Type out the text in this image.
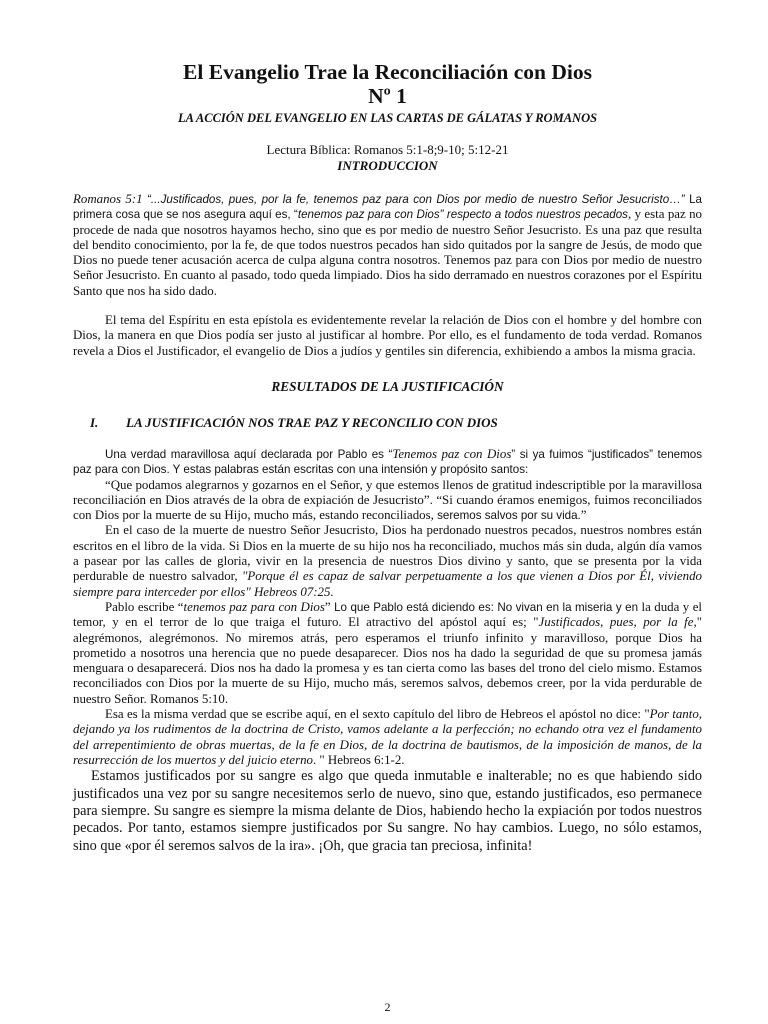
El Evangelio Trae la Reconciliación con Dios
Nº 1
LA ACCIÓN DEL EVANGELIO EN LAS CARTAS DE GÁLATAS Y ROMANOS
Lectura Bíblica: Romanos 5:1-8;9-10; 5:12-21
INTRODUCCION

Romanos 5:1 “...Justificados, pues, por la fe, tenemos paz para con Dios por medio de nuestro Señor Jesucristo…” La primera cosa que se nos asegura aquí es, “tenemos paz para con Dios” respecto a todos nuestros pecados, y esta paz no procede de nada que nosotros hayamos hecho, sino que es por medio de nuestro Señor Jesucristo. Es una paz que resulta del bendito conocimiento, por la fe, de que todos nuestros pecados han sido quitados por la sangre de Jesús, de modo que Dios no puede tener acusación acerca de culpa alguna contra nosotros. Tenemos paz para con Dios por medio de nuestro Señor Jesucristo. En cuanto al pasado, todo queda limpiado. Dios ha sido derramado en nuestros corazones por el Espíritu Santo que nos ha sido dado.

El tema del Espíritu en esta epístola es evidentemente revelar la relación de Dios con el hombre y del hombre con Dios, la manera en que Dios podía ser justo al justificar al hombre. Por ello, es el fundamento de toda verdad. Romanos revela a Dios el Justificador, el evangelio de Dios a judíos y gentiles sin diferencia, exhibiendo a ambos la misma gracia.

RESULTADOS DE LA JUSTIFICACIÓN
I.	LA JUSTIFICACIÓN NOS TRAE PAZ Y RECONCILIO CON DIOS

Una verdad maravillosa aquí declarada por Pablo es “Tenemos paz con Dios” si ya fuimos “justificados” tenemos paz para con Dios. Y estas palabras están escritas con una intensión y propósito santos:

“Que podamos alegrarnos y gozarnos en el Señor, y que estemos llenos de gratitud indescriptible por la maravillosa reconciliación en Dios através de la obra de expiación de Jesucristo”. “Si cuando éramos enemigos, fuimos reconciliados con Dios por la muerte de su Hijo, mucho más, estando reconciliados, seremos salvos por su vida.”

En el caso de la muerte de nuestro Señor Jesucristo, Dios ha perdonado nuestros pecados, nuestros nombres están escritos en el libro de la vida. Si Dios en la muerte de su hijo nos ha reconciliado, muchos más sin duda, algún día vamos a pasear por las calles de gloria, vivir en la presencia de nuestros Dios divino y santo, que se presenta por la vida perdurable de nuestro salvador, "Porque él es capaz de salvar perpetuamente a los que vienen a Dios por Él, viviendo siempre para interceder por ellos" Hebreos 07:25.

Pablo escribe “tenemos paz para con Dios” Lo que Pablo está diciendo es: No vivan en la miseria y en la duda y el temor, y en el terror de lo que traiga el futuro. El atractivo del apóstol aquí es; "Justificados, pues, por la fe," alegrémonos, alegrémonos. No miremos atrás, pero esperamos el triunfo infinito y maravilloso, porque Dios ha prometido a nosotros una herencia que no puede desaparecer. Dios nos ha dado la seguridad de que su promesa jamás menguara o desaparecerá. Dios nos ha dado la promesa y es tan cierta como las bases del trono del cielo mismo. Estamos reconciliados con Dios por la muerte de su Hijo, mucho más, seremos salvos, debemos creer, por la vida perdurable de nuestro Señor. Romanos 5:10.

Esa es la misma verdad que se escribe aquí, en el sexto capítulo del libro de Hebreos el apóstol no dice: "Por tanto, dejando ya los rudimentos de la doctrina de Cristo, vamos adelante a la perfección; no echando otra vez el fundamento del arrepentimiento de obras muertas, de la fe en Dios, de la doctrina de bautismos, de la imposición de manos, de la resurrección de los muertos y del juicio eterno. " Hebreos 6:1-2.

Estamos justificados por su sangre es algo que queda inmutable e inalterable; no es que habiendo sido justificados una vez por su sangre necesitemos serlo de nuevo, sino que, estando justificados, eso permanece para siempre. Su sangre es siempre la misma delante de Dios, habiendo hecho la expiación por todos nuestros pecados. Por tanto, estamos siempre justificados por Su sangre. No hay cambios. Luego, no sólo estamos, sino que «por él seremos salvos de la ira». ¡Oh, que gracia tan preciosa, infinita!

2
